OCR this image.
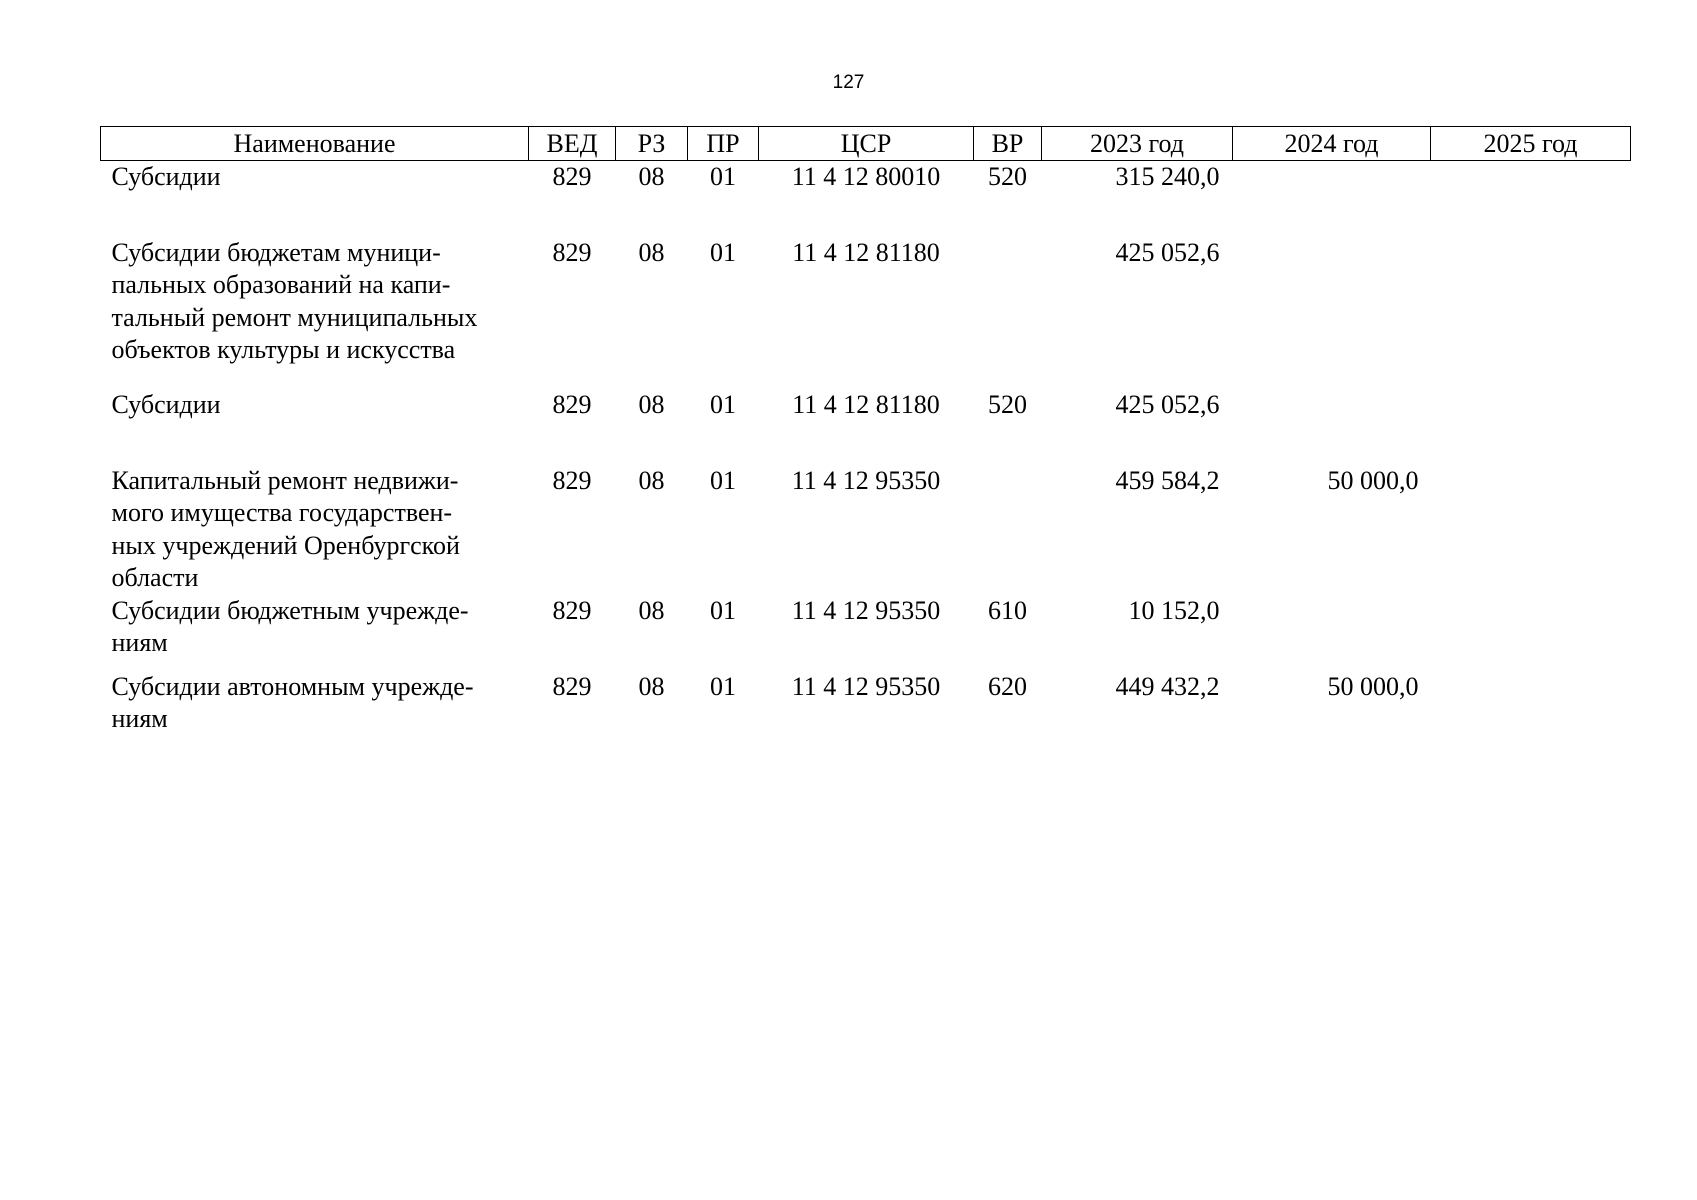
127
Наименование	ВЕД	РЗ	ПР	ЦСР	ВР	2023 год	2024 год	2025 год
Субсидии	829	08	01	11 4 12 80010	520	315 240,0		
Субсидии бюджетам муници-
пальных образований на капи-
тальный ремонт муниципальных
объектов культуры и искусства	829	08	01	11 4 12 81180		425 052,6		
Субсидии	829	08	01	11 4 12 81180	520	425 052,6		
Капитальный ремонт недвижи-
мого имущества государствен-
ных учреждений Оренбургской
области	829	08	01	11 4 12 95350		459 584,2	50 000,0	
Субсидии бюджетным учрежде-
ниям	829	08	01	11 4 12 95350	610	10 152,0		
Субсидии автономным учрежде-
ниям	829	08	01	11 4 12 95350	620	449 432,2	50 000,0	
